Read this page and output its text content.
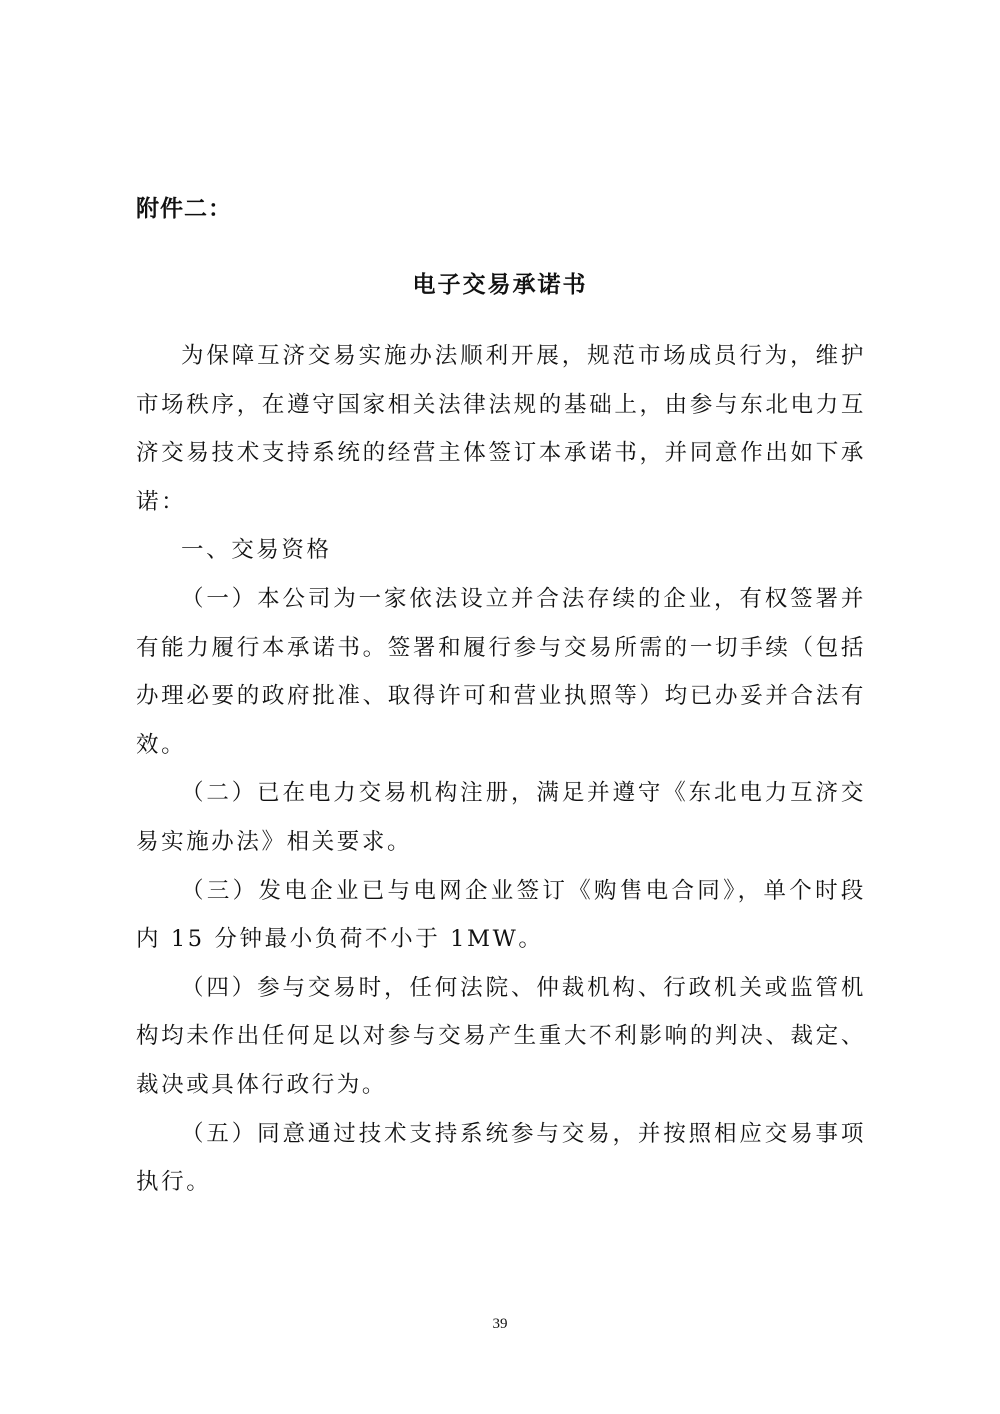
附件二：
电子交易承诺书

为保障互济交易实施办法顺利开展，规范市场成员行为，维护市场秩序，在遵守国家相关法律法规的基础上，由参与东北电力互济交易技术支持系统的经营主体签订本承诺书，并同意作出如下承诺：

一、交易资格

（一）本公司为一家依法设立并合法存续的企业，有权签署并有能力履行本承诺书。签署和履行参与交易所需的一切手续（包括办理必要的政府批准、取得许可和营业执照等）均已办妥并合法有效。

（二）已在电力交易机构注册，满足并遵守《东北电力互济交易实施办法》相关要求。

（三）发电企业已与电网企业签订《购售电合同》，单个时段内 15 分钟最小负荷不小于 1MW。

（四）参与交易时，任何法院、仲裁机构、行政机关或监管机构均未作出任何足以对参与交易产生重大不利影响的判决、裁定、裁决或具体行政行为。

（五）同意通过技术支持系统参与交易，并按照相应交易事项执行。

39
